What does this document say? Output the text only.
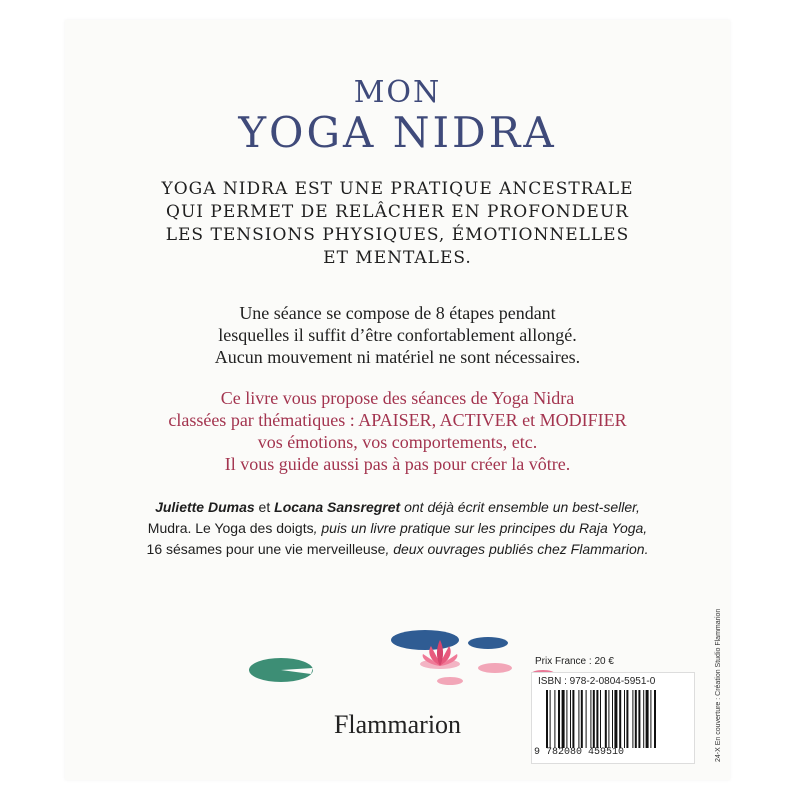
MON
YOGA NIDRA
YOGA NIDRA EST UNE PRATIQUE ANCESTRALE
QUI PERMET DE RELÂCHER EN PROFONDEUR
LES TENSIONS PHYSIQUES, ÉMOTIONNELLES
ET MENTALES.
Une séance se compose de 8 étapes pendant
lesquelles il suffit d’être confortablement allongé.
Aucun mouvement ni matériel ne sont nécessaires.
Ce livre vous propose des séances de Yoga Nidra
classées par thématiques : APAISER, ACTIVER et MODIFIER
vos émotions, vos comportements, etc.
Il vous guide aussi pas à pas pour créer la vôtre.
Juliette Dumas et Locana Sansregret ont déjà écrit ensemble un best-seller,
Mudra. Le Yoga des doigts, puis un livre pratique sur les principes du Raja Yoga,
16 sésames pour une vie merveilleuse, deux ouvrages publiés chez Flammarion.
Flammarion
Prix France : 20 €
ISBN : 978-2-0804-5951-0
9 782080 459510	24-X En couverture : Création Studio Flammarion
